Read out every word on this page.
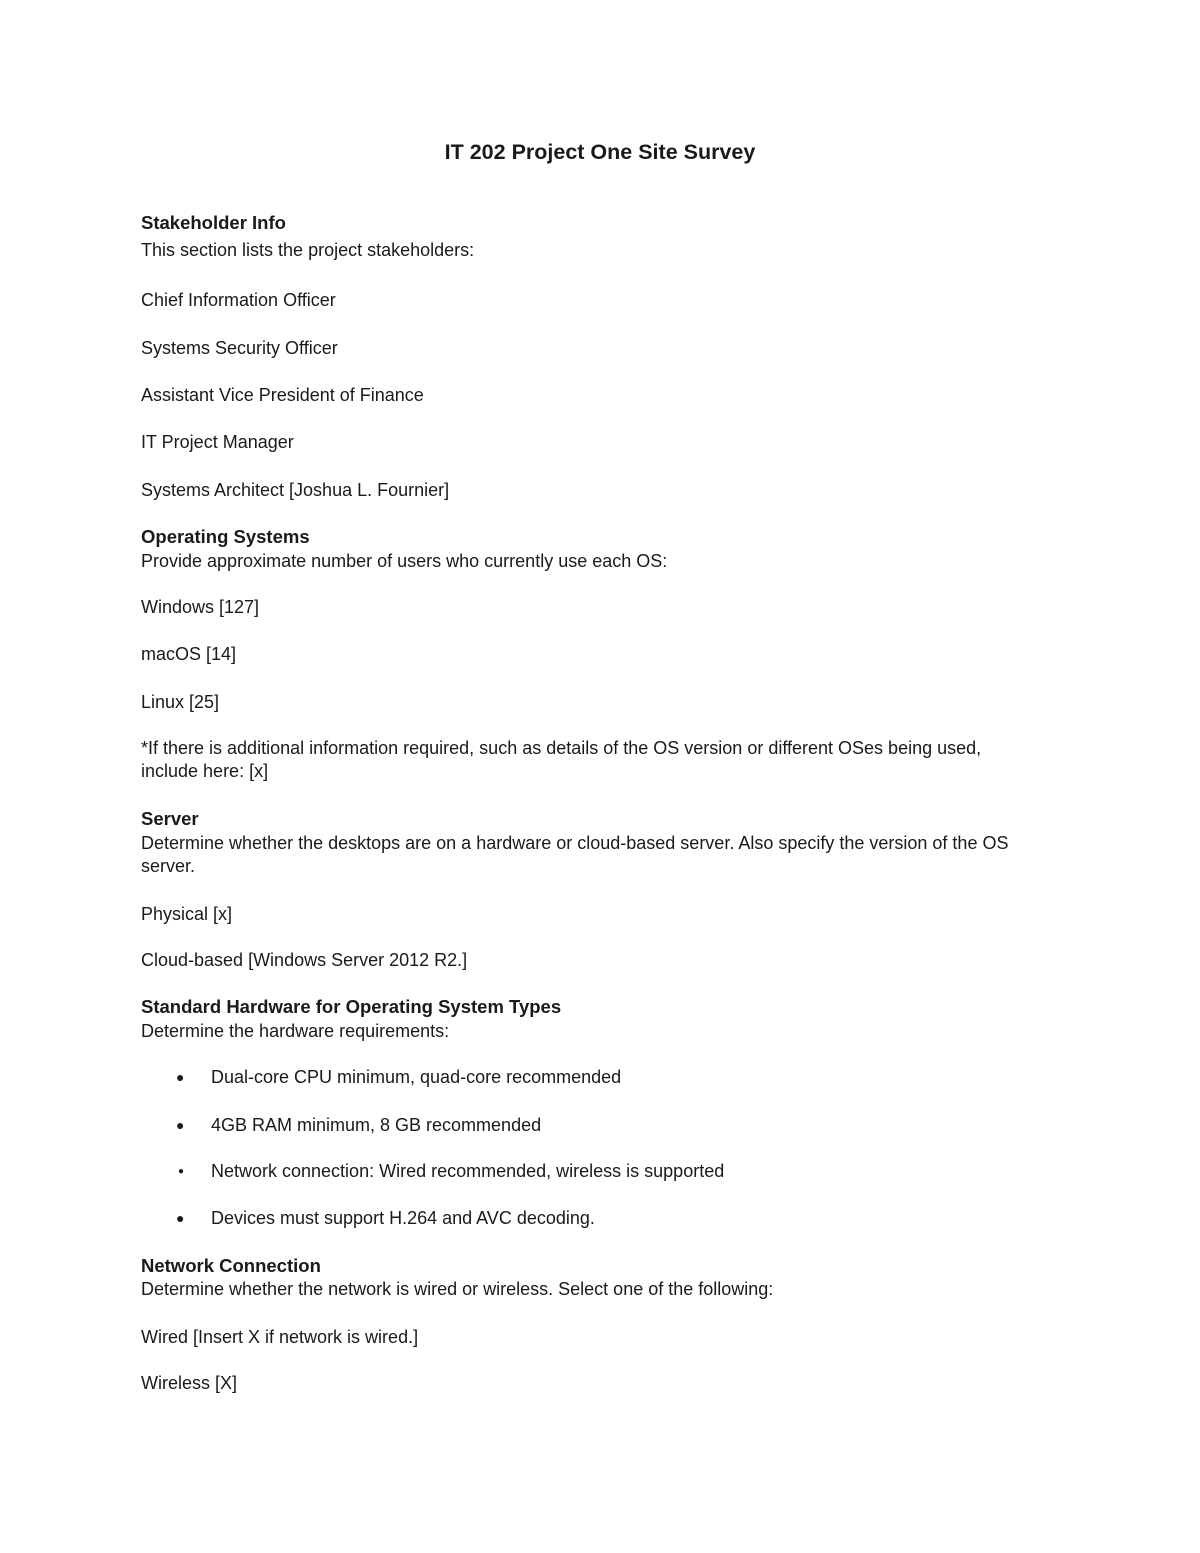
IT 202 Project One Site Survey
Stakeholder Info
This section lists the project stakeholders:
Chief Information Officer
Systems Security Officer
Assistant Vice President of Finance
IT Project Manager
Systems Architect [Joshua L. Fournier]
Operating Systems
Provide approximate number of users who currently use each OS:
Windows [127]
macOS [14]
Linux [25]
*If there is additional information required, such as details of the OS version or different OSes being used, include here: [x]
Server
Determine whether the desktops are on a hardware or cloud-based server. Also specify the version of the OS server.
Physical [x]
Cloud-based [Windows Server 2012 R2.]
Standard Hardware for Operating System Types
Determine the hardware requirements:
● Dual-core CPU minimum, quad-core recommended
● 4GB RAM minimum, 8 GB recommended
● Network connection: Wired recommended, wireless is supported
● Devices must support H.264 and AVC decoding.
Network Connection
Determine whether the network is wired or wireless. Select one of the following:
Wired [Insert X if network is wired.]
Wireless [X]
